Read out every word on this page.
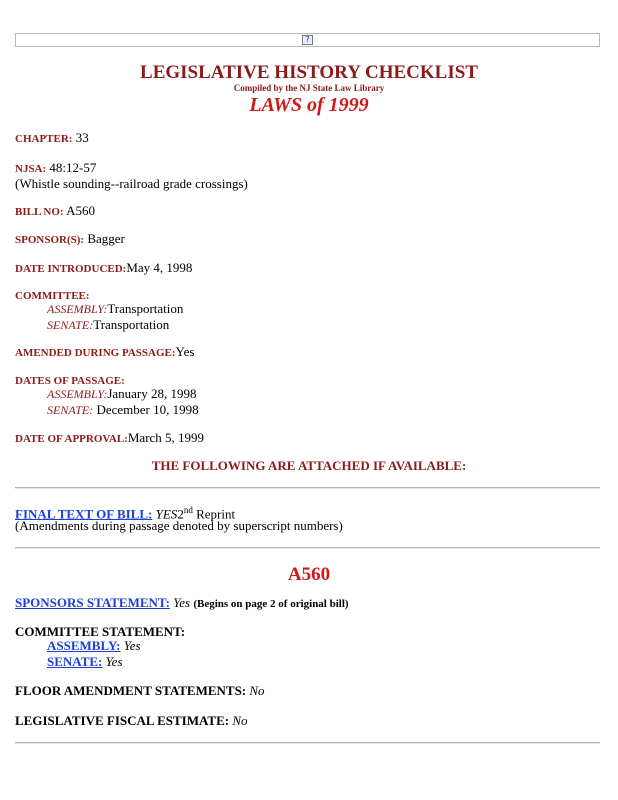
?
LEGISLATIVE HISTORY CHECKLIST
Compiled by the NJ State Law Library
LAWS of 1999
CHAPTER: 33
NJSA: 48:12-57
(Whistle sounding--railroad grade crossings)
BILL NO: A560
SPONSOR(S): Bagger
DATE INTRODUCED:May 4, 1998
COMMITTEE:
ASSEMBLY:Transportation
SENATE:Transportation
AMENDED DURING PASSAGE:Yes
DATES OF PASSAGE:
ASSEMBLY:January 28, 1998
SENATE: December 10, 1998
DATE OF APPROVAL:March 5, 1999
THE FOLLOWING ARE ATTACHED IF AVAILABLE:
FINAL TEXT OF BILL: YES2nd Reprint
(Amendments during passage denoted by superscript numbers)
A560
SPONSORS STATEMENT: Yes (Begins on page 2 of original bill)
COMMITTEE STATEMENT:
ASSEMBLY: Yes
SENATE: Yes
FLOOR AMENDMENT STATEMENTS: No
LEGISLATIVE FISCAL ESTIMATE: No
